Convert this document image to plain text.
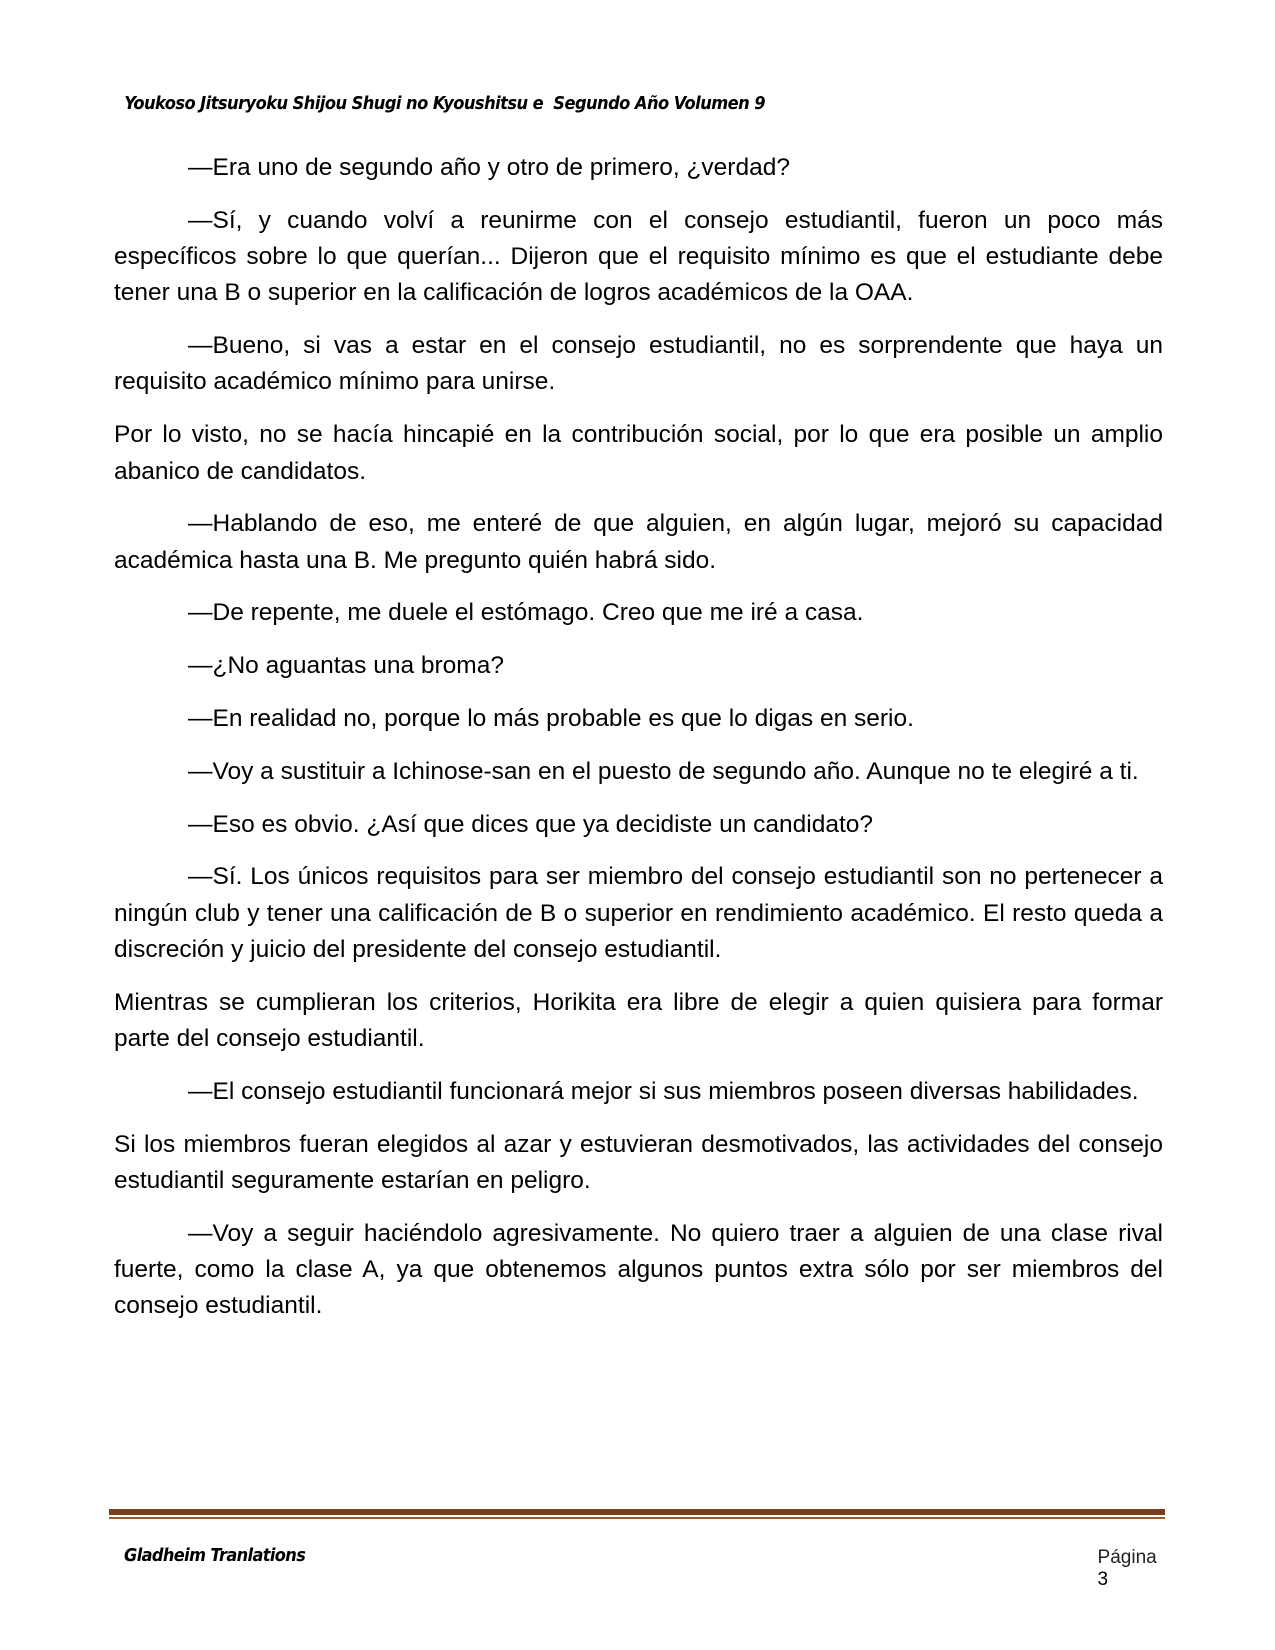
Youkoso Jitsuryoku Shijou Shugi no Kyoushitsu e  Segundo Año Volumen 9

—Era uno de segundo año y otro de primero, ¿verdad?

—Sí, y cuando volví a reunirme con el consejo estudiantil, fueron un poco más específicos sobre lo que querían... Dijeron que el requisito mínimo es que el estudiante debe tener una B o superior en la calificación de logros académicos de la OAA.

—Bueno, si vas a estar en el consejo estudiantil, no es sorprendente que haya un requisito académico mínimo para unirse.

Por lo visto, no se hacía hincapié en la contribución social, por lo que era posible un amplio abanico de candidatos.

—Hablando de eso, me enteré de que alguien, en algún lugar, mejoró su capacidad académica hasta una B. Me pregunto quién habrá sido.

—De repente, me duele el estómago. Creo que me iré a casa.

—¿No aguantas una broma?

—En realidad no, porque lo más probable es que lo digas en serio.

—Voy a sustituir a Ichinose-san en el puesto de segundo año. Aunque no te elegiré a ti.

—Eso es obvio. ¿Así que dices que ya decidiste un candidato?

—Sí. Los únicos requisitos para ser miembro del consejo estudiantil son no pertenecer a ningún club y tener una calificación de B o superior en rendimiento académico. El resto queda a discreción y juicio del presidente del consejo estudiantil.

Mientras se cumplieran los criterios, Horikita era libre de elegir a quien quisiera para formar parte del consejo estudiantil.

—El consejo estudiantil funcionará mejor si sus miembros poseen diversas habilidades.

Si los miembros fueran elegidos al azar y estuvieran desmotivados, las actividades del consejo estudiantil seguramente estarían en peligro.

—Voy a seguir haciéndolo agresivamente. No quiero traer a alguien de una clase rival fuerte, como la clase A, ya que obtenemos algunos puntos extra sólo por ser miembros del consejo estudiantil.

Gladheim Tranlations	Página
3
